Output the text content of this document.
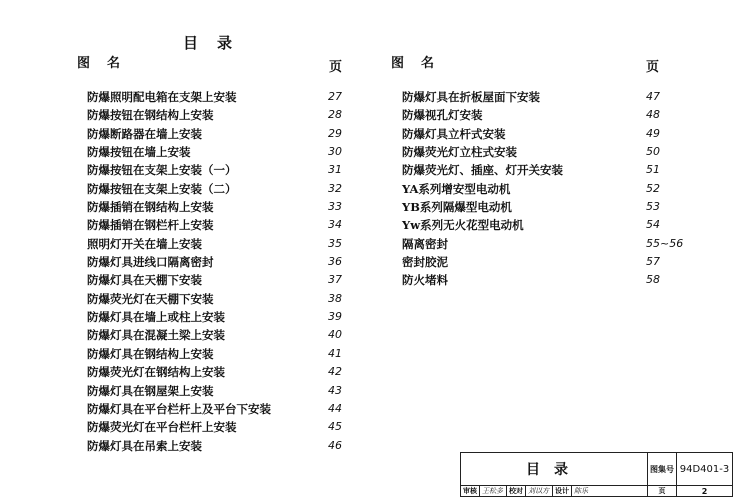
目　录
图　名	页	图　名	页
防爆照明配电箱在支架上安装	27
防爆按钮在钢结构上安装	28
防爆断路器在墙上安装	29
防爆按钮在墙上安装	30
防爆按钮在支架上安装（一）	31
防爆按钮在支架上安装（二）	32
防爆插销在钢结构上安装	33
防爆插销在钢栏杆上安装	34
照明灯开关在墙上安装	35
防爆灯具进线口隔离密封	36
防爆灯具在天棚下安装	37
防爆荧光灯在天棚下安装	38
防爆灯具在墙上或柱上安装	39
防爆灯具在混凝土梁上安装	40
防爆灯具在钢结构上安装	41
防爆荧光灯在钢结构上安装	42
防爆灯具在钢屋架上安装	43
防爆灯具在平台栏杆上及平台下安装	44
防爆荧光灯在平台栏杆上安装	45
防爆灯具在吊索上安装	46
防爆灯具在折板屋面下安装	47
防爆视孔灯安装	48
防爆灯具立杆式安装	49
防爆荧光灯立柱式安装	50
防爆荧光灯、插座、灯开关安装	51
YA系列增安型电动机	52
YB系列隔爆型电动机	53
Yw系列无火花型电动机	54
隔离密封	55~56
密封胶泥	57
防火堵料	58
目录	图集号 94D401-3
审核 王松多 校对 刘以方 设计 陈乐	页	2
